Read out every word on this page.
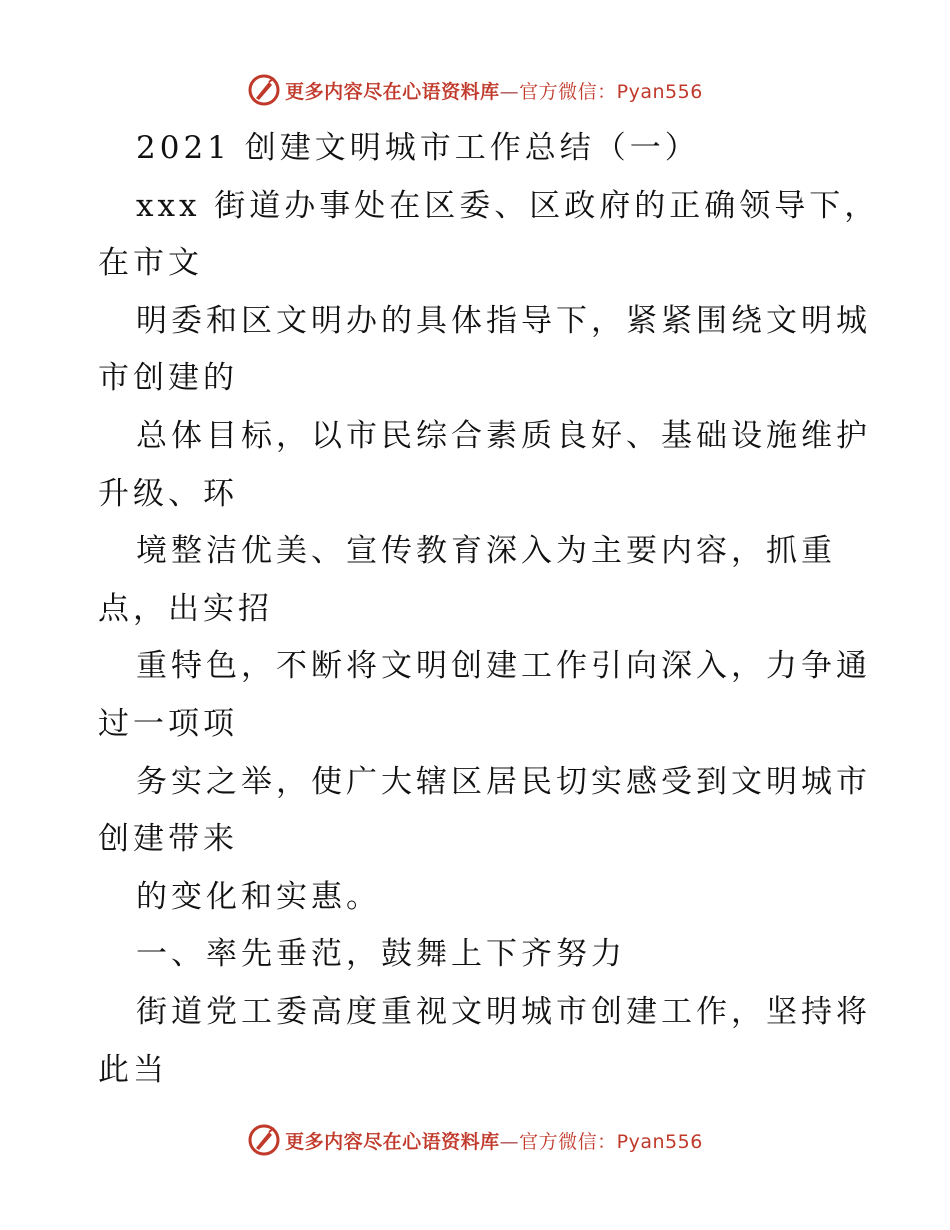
更多内容尽在心语资料库—官方微信：Pyan556
2021 创建文明城市工作总结（一）
xxx 街道办事处在区委、区政府的正确领导下，
在市文
明委和区文明办的具体指导下，紧紧围绕文明城
市创建的
总体目标，以市民综合素质良好、基础设施维护
升级、环
境整洁优美、宣传教育深入为主要内容，抓重
点，出实招
重特色，不断将文明创建工作引向深入，力争通
过一项项
务实之举，使广大辖区居民切实感受到文明城市
创建带来
的变化和实惠。
一、率先垂范，鼓舞上下齐努力
街道党工委高度重视文明城市创建工作，坚持将
此当
更多内容尽在心语资料库—官方微信：Pyan556
